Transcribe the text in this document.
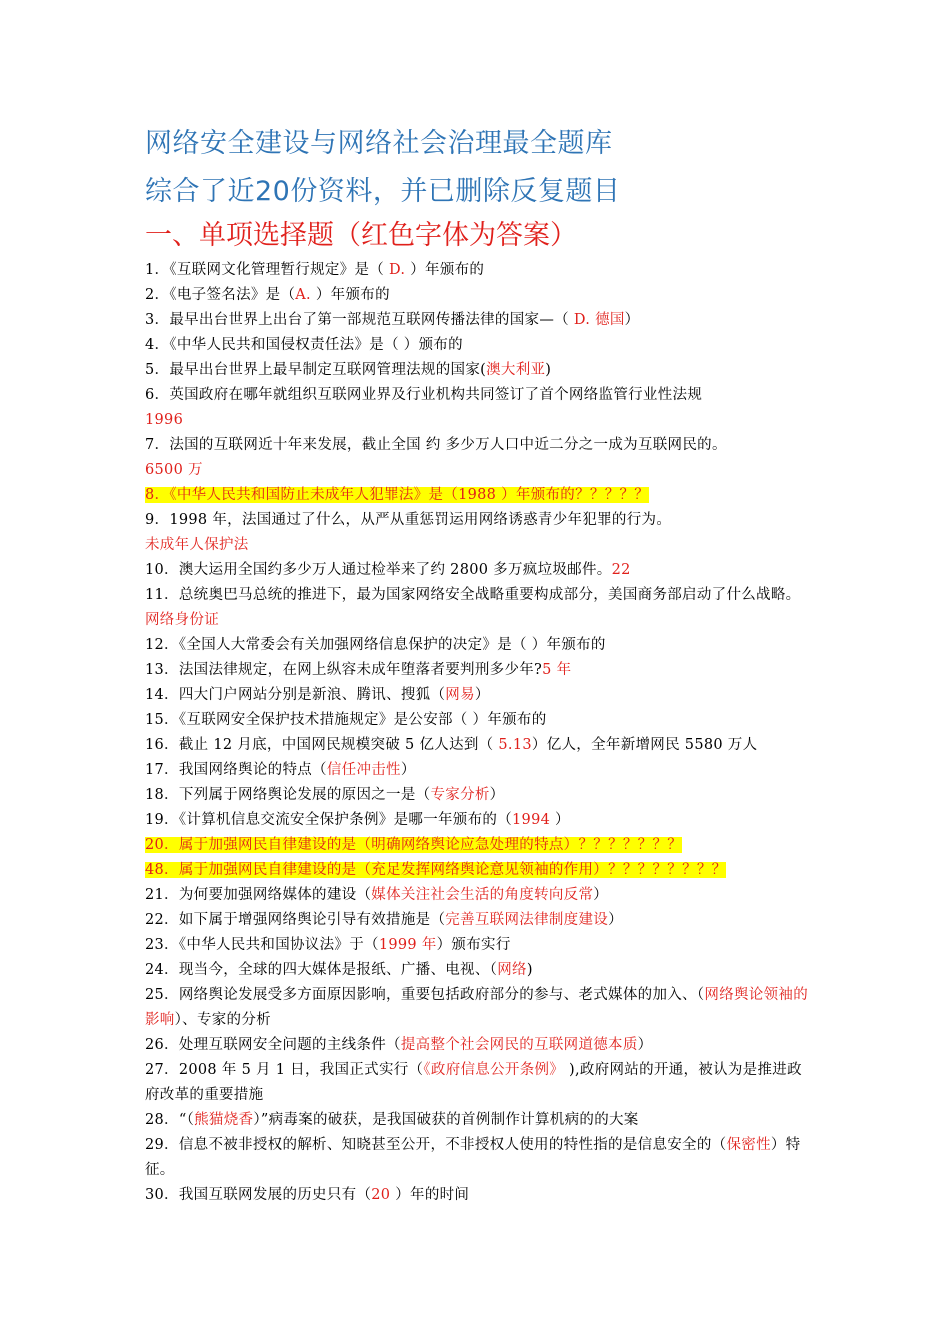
网络安全建设与网络社会治理最全题库
综合了近20份资料，并已删除反复题目
一、单项选择题（红色字体为答案）

1．《互联网文化管理暂行规定》是（ D. ）年颁布的

2．《电子签名法》是（A. ）年颁布的

3．最早出台世界上出台了第一部规范互联网传播法律的国家—（ D. 德国）

4．《中华人民共和国侵权责任法》是（ ）颁布的

5．最早出台世界上最早制定互联网管理法规的国家(澳大利亚)

6．英国政府在哪年就组织互联网业界及行业机构共同签订了首个网络监管行业性法规

1996

7．法国的互联网近十年来发展，截止全国 约 多少万人口中近二分之一成为互联网民的。

6500 万

8．《中华人民共和国防止未成年人犯罪法》是（1988 ）年颁布的？？？？？

9．1998 年，法国通过了什么，从严从重惩罚运用网络诱惑青少年犯罪的行为。

未成年人保护法

10．澳大运用全国约多少万人通过检举来了约 2800 多万疯垃圾邮件。22

11．总统奥巴马总统的推进下，最为国家网络安全战略重要构成部分，美国商务部启动了什么战略。网络身份证

12．《全国人大常委会有关加强网络信息保护的决定》是（ ）年颁布的

13．法国法律规定，在网上纵容未成年堕落者要判刑多少年?5 年

14．四大门户网站分别是新浪、腾讯、搜狐（网易）

15．《互联网安全保护技术措施规定》是公安部（ ）年颁布的

16．截止 12 月底，中国网民规模突破 5 亿人达到（ 5.13）亿人，全年新增网民 5580 万人

17．我国网络舆论的特点（信任冲击性）

18．下列属于网络舆论发展的原因之一是（专家分析）

19．《计算机信息交流安全保护条例》是哪一年颁布的（1994 ）

20．属于加强网民自律建设的是（明确网络舆论应急处理的特点）？？？？？？？

48．属于加强网民自律建设的是（充足发挥网络舆论意见领袖的作用）？？？？？？？？

21．为何要加强网络媒体的建设（媒体关注社会生活的角度转向反常）

22．如下属于增强网络舆论引导有效措施是（完善互联网法律制度建设）

23．《中华人民共和国协议法》于（1999 年）颁布实行

24．现当今，全球的四大媒体是报纸、广播、电视、（网络)

25．网络舆论发展受多方面原因影响，重要包括政府部分的参与、老式媒体的加入、（网络舆论领袖的影响）、专家的分析

26．处理互联网安全问题的主线条件（提高整个社会网民的互联网道德本质）

27．2008 年 5 月 1 日，我国正式实行（《政府信息公开条例》 ),政府网站的开通，被认为是推进政府改革的重要措施

28．“（熊猫烧香）”病毒案的破获，是我国破获的首例制作计算机病的的大案

29．信息不被非授权的解析、知晓甚至公开，不非授权人使用的特性指的是信息安全的（保密性）特征。

30．我国互联网发展的历史只有（20 ）年的时间
